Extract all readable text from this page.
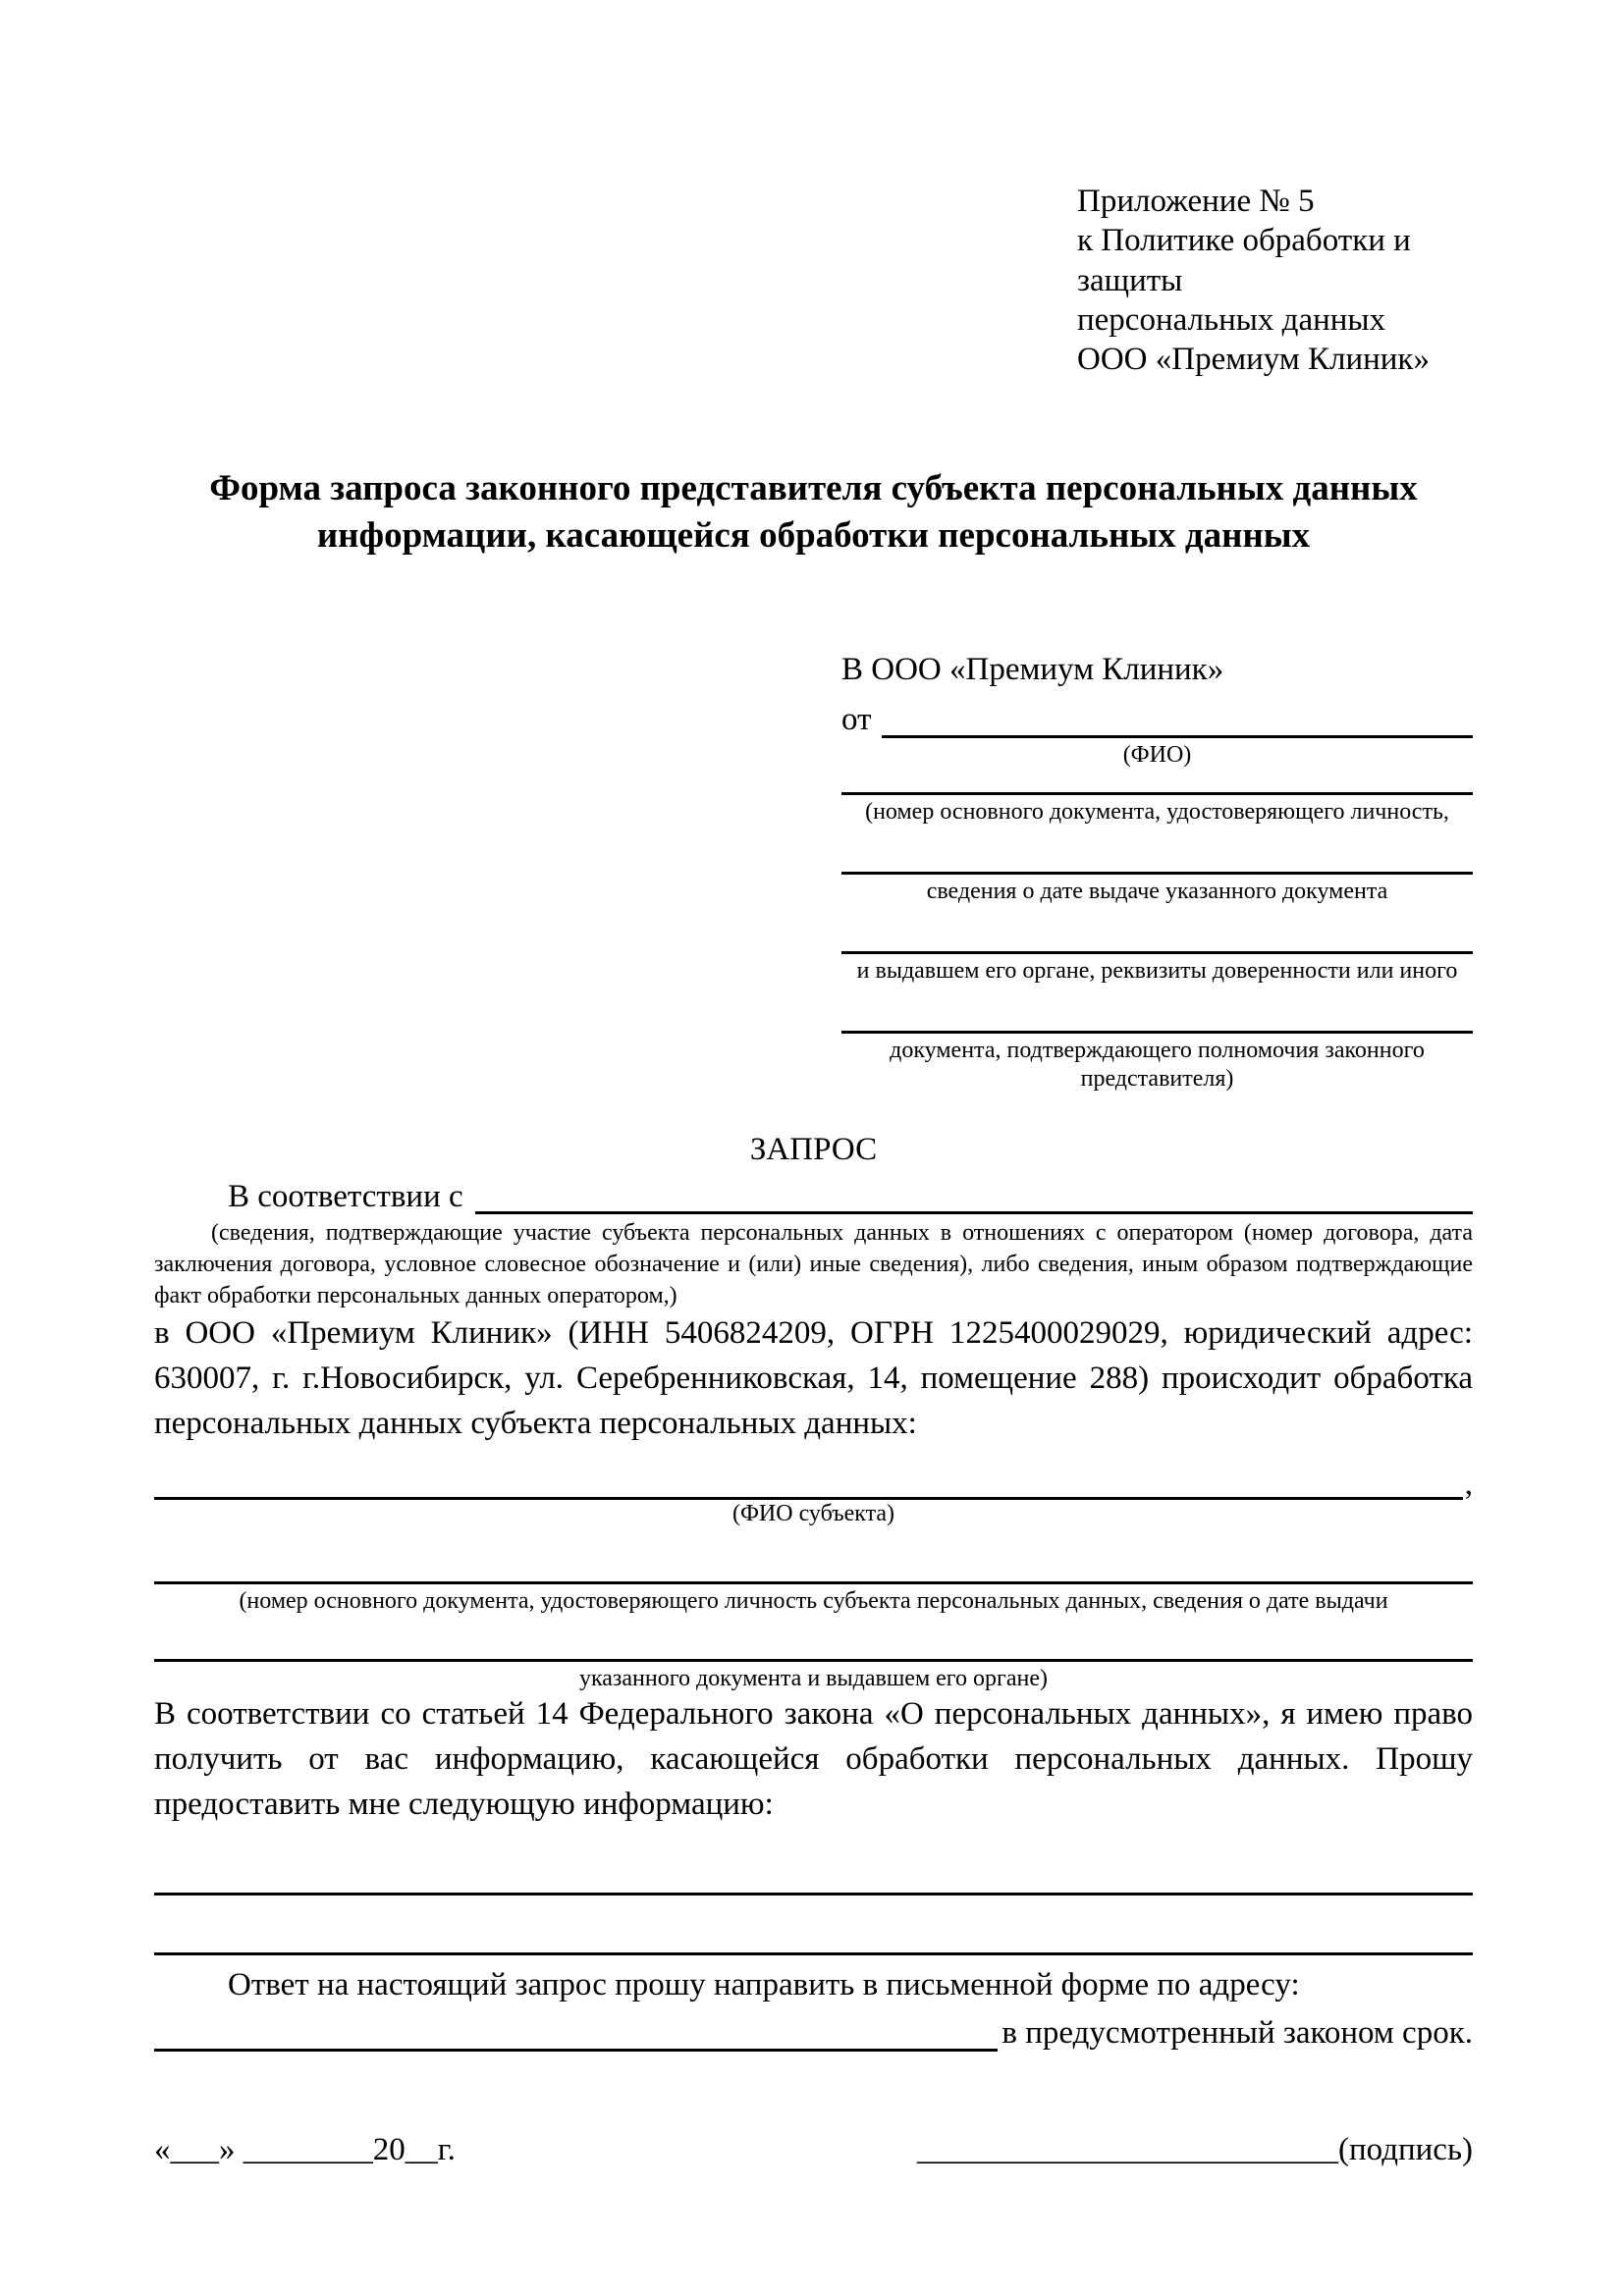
Приложение № 5
к Политике обработки и защиты
персональных данных
ООО «Премиум Клиник»
Форма запроса законного представителя субъекта персональных данных
информации, касающейся обработки персональных данных
В ООО «Премиум Клиник»
от
(ФИО)
(номер основного документа, удостоверяющего личность,
сведения о дате выдаче указанного документа
и выдавшем его органе, реквизиты доверенности или иного
документа, подтверждающего полномочия законного представителя)
ЗАПРОС
В соответствии с
(сведения, подтверждающие участие субъекта персональных данных в отношениях с оператором (номер договора, дата заключения договора, условное словесное обозначение и (или) иные сведения), либо сведения, иным образом подтверждающие факт обработки персональных данных оператором,)
в ООО «Премиум Клиник» (ИНН 5406824209, ОГРН 1225400029029, юридический адрес: 630007, г. г.Новосибирск, ул. Серебренниковская, 14, помещение 288) происходит обработка персональных данных субъекта персональных данных:
,
(ФИО субъекта)
(номер основного документа, удостоверяющего личность субъекта персональных данных, сведения о дате выдачи
указанного документа и выдавшем его органе)
В соответствии со статьей 14 Федерального закона «О персональных данных», я имею право получить от вас информацию, касающейся обработки персональных данных. Прошу предоставить мне следующую информацию:
Ответ на настоящий запрос прошу направить в письменной форме по адресу:
в предусмотренный законом срок.
«___» ________20__г.	__________________________(подпись)
